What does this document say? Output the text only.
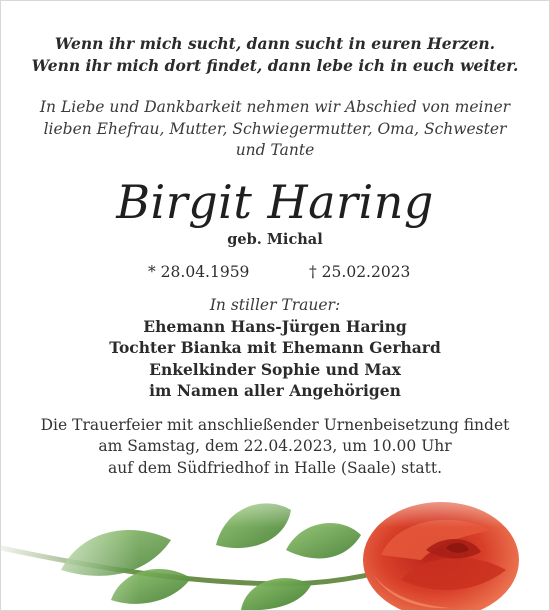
Wenn ihr mich sucht, dann sucht in euren Herzen.
Wenn ihr mich dort findet, dann lebe ich in euch weiter.
In Liebe und Dankbarkeit nehmen wir Abschied von meiner
lieben Ehefrau, Mutter, Schwiegermutter, Oma, Schwester
und Tante
Birgit Haring
geb. Michal
* 28.04.1959	† 25.02.2023
In stiller Trauer:
Ehemann Hans-Jürgen Haring
Tochter Bianka mit Ehemann Gerhard
Enkelkinder Sophie und Max
im Namen aller Angehörigen
Die Trauerfeier mit anschließender Urnenbeisetzung findet
am Samstag, dem 22.04.2023, um 10.00 Uhr
auf dem Südfriedhof in Halle (Saale) statt.
